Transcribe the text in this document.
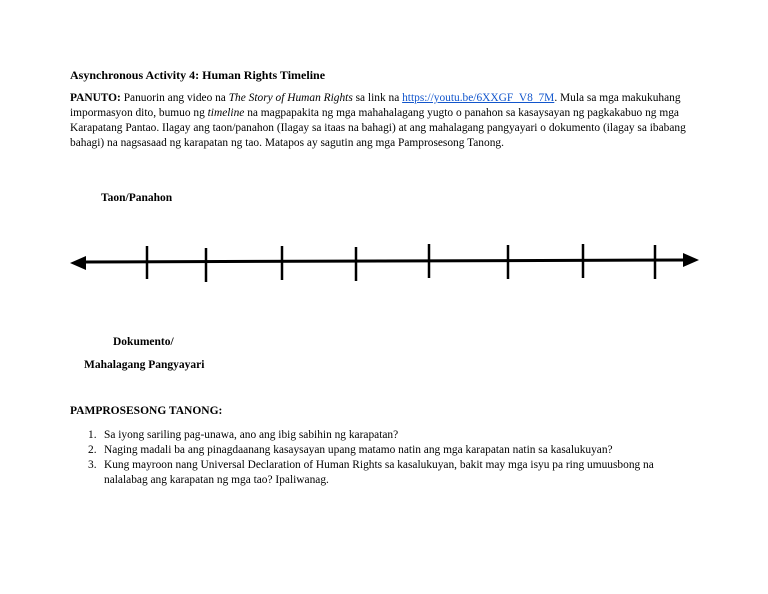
Asynchronous Activity 4: Human Rights Timeline
PANUTO: Panuorin ang video na The Story of Human Rights sa link na https://youtu.be/6XXGF_V8_7M. Mula sa mga makukuhang impormasyon dito, bumuo ng timeline na magpapakita ng mga mahahalagang yugto o panahon sa kasaysayan ng pagkakabuo ng mga Karapatang Pantao. Ilagay ang taon/panahon (Ilagay sa itaas na bahagi) at ang mahalagang pangyayari o dokumento (ilagay sa ibabang bahagi) na nagsasaad ng karapatan ng tao. Matapos ay sagutin ang mga Pamprosesong Tanong.
Taon/Panahon
Dokumento/
Mahalagang Pangyayari
PAMPROSESONG TANONG:
1. Sa iyong sariling pag-unawa, ano ang ibig sabihin ng karapatan?
2. Naging madali ba ang pinagdaanang kasaysayan upang matamo natin ang mga karapatan natin sa kasalukuyan?
3. Kung mayroon nang Universal Declaration of Human Rights sa kasalukuyan, bakit may mga isyu pa ring umuusbong na nalalabag ang karapatan ng mga tao? Ipaliwanag.
